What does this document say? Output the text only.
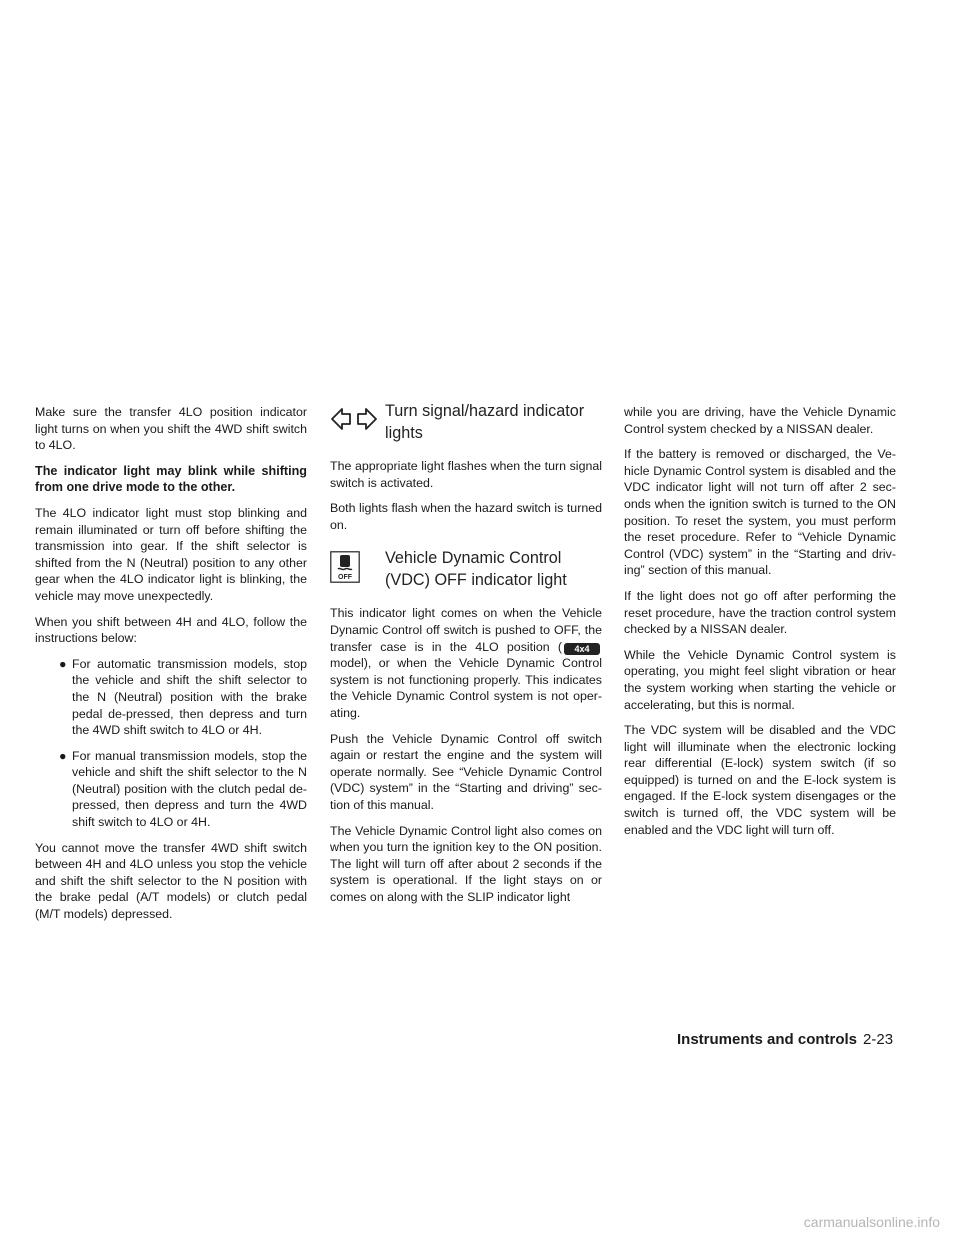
Make sure the transfer 4LO position indicator light turns on when you shift the 4WD shift switch to 4LO.

The indicator light may blink while shifting from one drive mode to the other.

The 4LO indicator light must stop blinking and remain illuminated or turn off before shifting the transmission into gear. If the shift selector is shifted from the N (Neutral) position to any other gear when the 4LO indicator light is blinking, the vehicle may move unexpectedly.

When you shift between 4H and 4LO, follow the instructions below:

● For automatic transmission models, stop the vehicle and shift the shift selector to the N (Neutral) position with the brake pedal de-pressed, then depress and turn the 4WD shift switch to 4LO or 4H.
● For manual transmission models, stop the vehicle and shift the shift selector to the N (Neutral) position with the clutch pedal de-pressed, then depress and turn the 4WD shift switch to 4LO or 4H.

You cannot move the transfer 4WD shift switch between 4H and 4LO unless you stop the vehicle and shift the shift selector to the N position with the brake pedal (A/T models) or clutch pedal (M/T models) depressed.

Turn signal/hazard indicator lights

The appropriate light flashes when the turn signal switch is activated.

Both lights flash when the hazard switch is turned on.

OFF
Vehicle Dynamic Control (VDC) OFF indicator light

This indicator light comes on when the Vehicle Dynamic Control off switch is pushed to OFF, the transfer case is in the 4LO position ( 4x4model), or when the Vehicle Dynamic Control system is not functioning properly. This indicates the Vehicle Dynamic Control system is not oper-ating.

Push the Vehicle Dynamic Control off switch again or restart the engine and the system will operate normally. See “Vehicle Dynamic Control (VDC) system” in the “Starting and driving” sec-tion of this manual.

The Vehicle Dynamic Control light also comes on when you turn the ignition key to the ON position. The light will turn off after about 2 seconds if the system is operational. If the light stays on or comes on along with the SLIP indicator light

while you are driving, have the Vehicle Dynamic Control system checked by a NISSAN dealer.

If the battery is removed or discharged, the Ve-hicle Dynamic Control system is disabled and the VDC indicator light will not turn off after 2 sec-onds when the ignition switch is turned to the ON position. To reset the system, you must perform the reset procedure. Refer to “Vehicle Dynamic Control (VDC) system” in the “Starting and driv-ing” section of this manual.

If the light does not go off after performing the reset procedure, have the traction control system checked by a NISSAN dealer.

While the Vehicle Dynamic Control system is operating, you might feel slight vibration or hear the system working when starting the vehicle or accelerating, but this is normal.

The VDC system will be disabled and the VDC light will illuminate when the electronic locking rear differential (E-lock) system switch (if so equipped) is turned on and the E-lock system is engaged. If the E-lock system disengages or the switch is turned off, the VDC system will be enabled and the VDC light will turn off.

Instruments and controls 2-23
carmanualsonline.info
